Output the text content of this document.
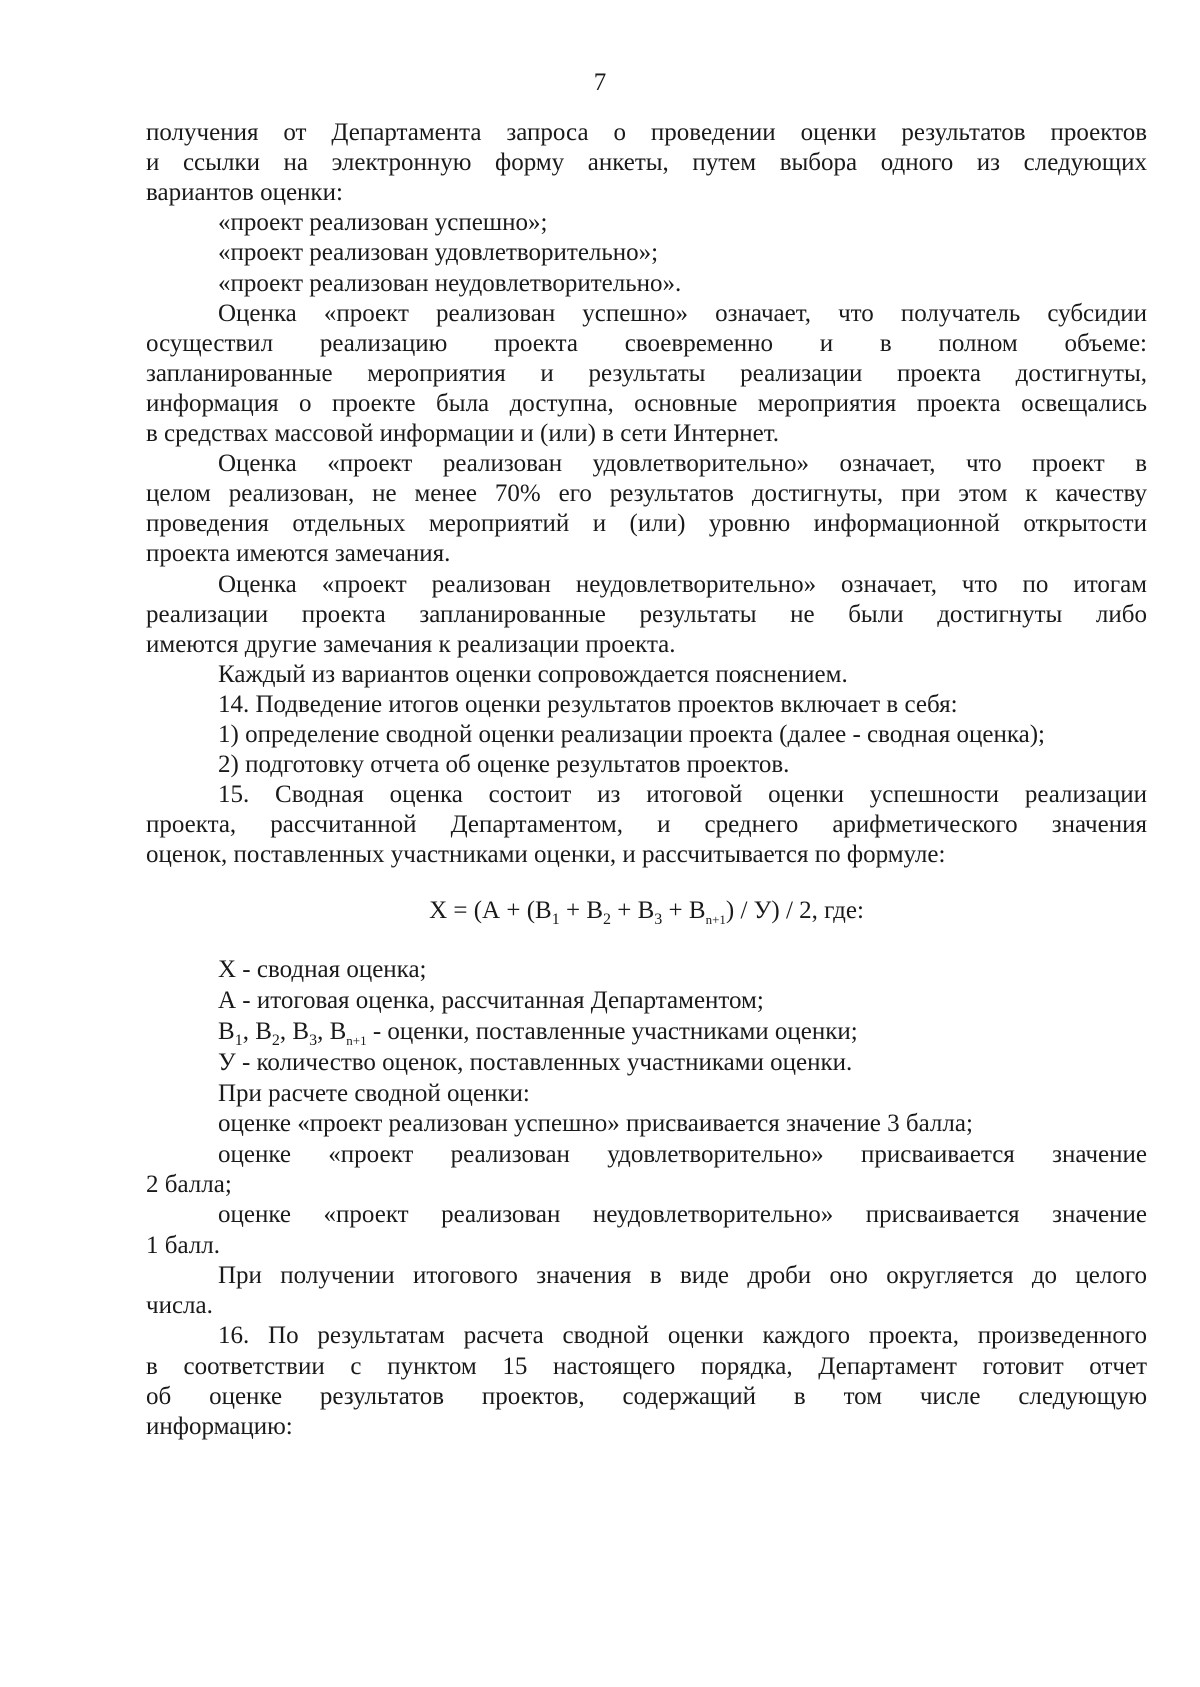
7
получения от Департамента запроса о проведении оценки результатов проектов
и ссылки на электронную форму анкеты, путем выбора одного из следующих
вариантов оценки:
«проект реализован успешно»;
«проект реализован удовлетворительно»;
«проект реализован неудовлетворительно».
Оценка «проект реализован успешно» означает, что получатель субсидии
осуществил реализацию проекта своевременно и в полном объеме:
запланированные мероприятия и результаты реализации проекта достигнуты,
информация о проекте была доступна, основные мероприятия проекта освещались
в средствах массовой информации и (или) в сети Интернет.
Оценка «проект реализован удовлетворительно» означает, что проект в
целом реализован, не менее 70% его результатов достигнуты, при этом к качеству
проведения отдельных мероприятий и (или) уровню информационной открытости
проекта имеются замечания.
Оценка «проект реализован неудовлетворительно» означает, что по итогам
реализации проекта запланированные результаты не были достигнуты либо
имеются другие замечания к реализации проекта.
Каждый из вариантов оценки сопровождается пояснением.
14. Подведение итогов оценки результатов проектов включает в себя:
1) определение сводной оценки реализации проекта (далее - сводная оценка);
2) подготовку отчета об оценке результатов проектов.
15. Сводная оценка состоит из итоговой оценки успешности реализации
проекта, рассчитанной Департаментом, и среднего арифметического значения
оценок, поставленных участниками оценки, и рассчитывается по формуле:
$Х = (А + (В_1 + В_2 + В_3 + В_{n+1}) / У) / 2$, где:
Х - сводная оценка;
А - итоговая оценка, рассчитанная Департаментом;
$В_1$, $В_2$, $В_3$, $В_{n+1}$ - оценки, поставленные участниками оценки;
У - количество оценок, поставленных участниками оценки.
При расчете сводной оценки:
оценке «проект реализован успешно» присваивается значение 3 балла;
оценке «проект реализован удовлетворительно» присваивается значение
2 балла;
оценке «проект реализован неудовлетворительно» присваивается значение
1 балл.
При получении итогового значения в виде дроби оно округляется до целого
числа.
16. По результатам расчета сводной оценки каждого проекта, произведенного
в соответствии с пунктом 15 настоящего порядка, Департамент готовит отчет
об оценке результатов проектов, содержащий в том числе следующую
информацию:
